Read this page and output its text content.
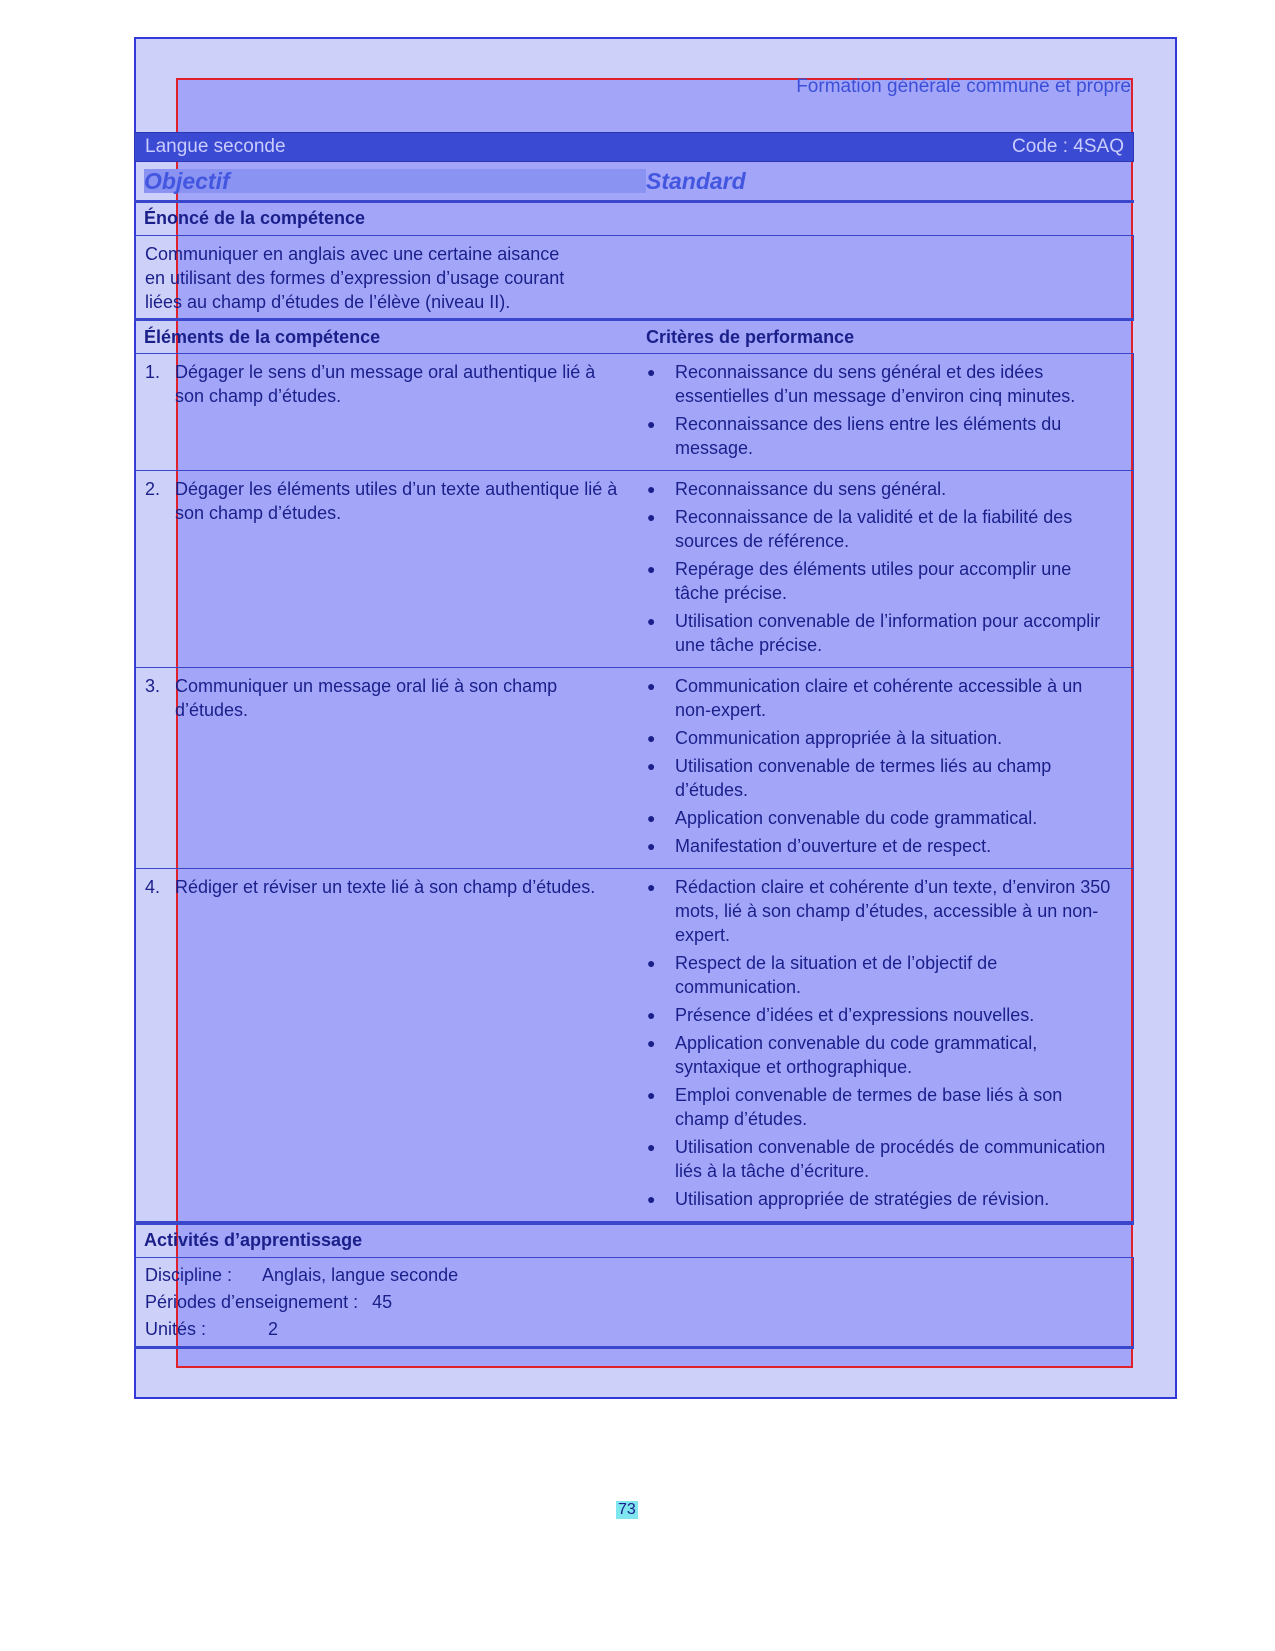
Formation générale commune et propre
Langue seconde	Code : 4SAQ
Objectif	Standard
Énoncé de la compétence

Communiquer en anglais avec une certaine aisance

en utilisant des formes d’expression d’usage courant

liées au champ d’études de l’élève (niveau II).

Éléments de la compétence	Critères de performance
1. Dégager le sens d’un message oral authentique lié à son champ d’études.
●	Reconnaissance du sens général et des idées essentielles d’un message d’environ cinq minutes.
●	Reconnaissance des liens entre les éléments du message.
2. Dégager les éléments utiles d’un texte authentique lié à son champ d’études.
●	Reconnaissance du sens général.
●	Reconnaissance de la validité et de la fiabilité des sources de référence.
●	Repérage des éléments utiles pour accomplir une tâche précise.
●	Utilisation convenable de l’information pour accomplir une tâche précise.
3. Communiquer un message oral lié à son champ d’études.
●	Communication claire et cohérente accessible à un non-expert.
●	Communication appropriée à la situation.
●	Utilisation convenable de termes liés au champ d’études.
●	Application convenable du code grammatical.
●	Manifestation d’ouverture et de respect.
4. Rédiger et réviser un texte lié à son champ d’études.	●	Rédaction claire et cohérente d’un texte, d’environ 350 mots, lié à son champ d’études, accessible à un non-expert.
●	Respect de la situation et de l’objectif de communication.
●	Présence d’idées et d’expressions nouvelles.
●	Application convenable du code grammatical, syntaxique et orthographique.
●	Emploi convenable de termes de base liés à son champ d’études.
●	Utilisation convenable de procédés de communication liés à la tâche d’écriture.
●	Utilisation appropriée de stratégies de révision.
Activités d’apprentissage
Discipline : Anglais, langue seconde
Périodes d’enseignement : 45
Unités :	2
73
